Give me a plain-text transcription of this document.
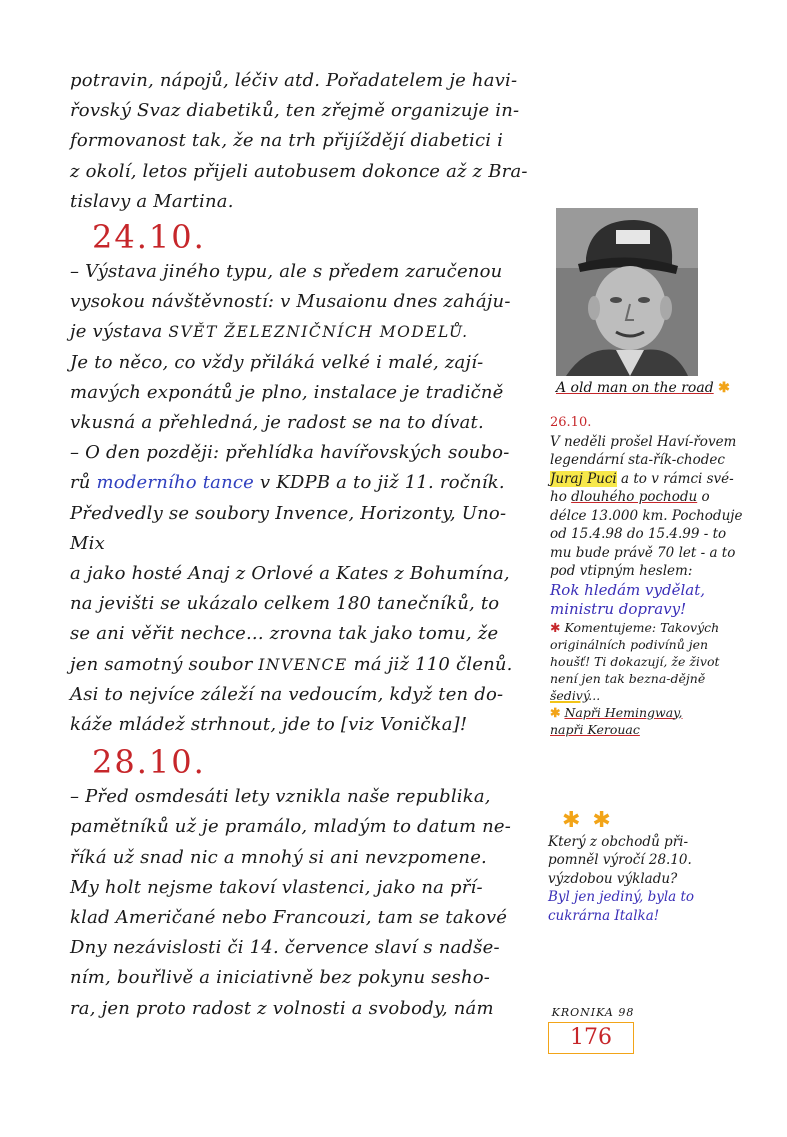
potravin, nápojů, léčiv atd. Pořadatelem je havi-

řovský Svaz diabetiků, ten zřejmě organizuje in-

formovanost tak, že na trh přijíždějí diabetici i

z okolí, letos přijeli autobusem dokonce až z Bra-

tislavy a Martina.

24.10.

– Výstava jiného typu, ale s předem zaručenou

vysokou návštěvností: v Musaionu dnes zaháju-

je výstava SVĚT ŽELEZNIČNÍCH MODELŮ.

Je to něco, co vždy přiláká velké i malé, zají-

mavých exponátů je plno, instalace je tradičně

vkusná a přehledná, je radost se na to dívat.

– O den později: přehlídka havířovských soubo-

rů moderního tance v KDPB a to již 11. ročník.

Předvedly se soubory Invence, Horizonty, Uno-Mix

a jako hosté Anaj z Orlové a Kates z Bohumína,

na jevišti se ukázalo celkem 180 tanečníků, to

se ani věřit nechce... zrovna tak jako tomu, že

jen samotný soubor INVENCE má již 110 členů.

Asi to nejvíce záleží na vedoucím, když ten do-

káže mládež strhnout, jde to [viz Vonička]!

28.10.

– Před osmdesáti lety vznikla naše republika,

pamětníků už je pramálo, mladým to datum ne-

říká už snad nic a mnohý si ani nevzpomene.

My holt nejsme takoví vlastenci, jako na pří-

klad Američané nebo Francouzi, tam se takové

Dny nezávislosti či 14. července slaví s nadše-

ním, bouřlivě a iniciativně bez pokynu sesho-

ra, jen proto radost z volnosti a svobody, nám

A old man on the road ✱

26.10.

V neděli prošel Haví-řovem legendární sta-řík-chodec Juraj Puci a to v rámci své-ho dlouhého pochodu o délce 13.000 km. Pochoduje od 15.4.98 do 15.4.99 - to mu bude právě 70 let - a to pod vtipným heslem:

Rok hledám vydělat, ministru dopravy!

✱ Komentujeme: Takových originálních podivínů jen houšť! Ti dokazují, že život není jen tak bezna-dějně šedivý...

✱ Napři Hemingway,

napři Kerouac

✱✱

Který z obchodů při-pomněl výročí 28.10. výzdobou výkladu?

Byl jen jediný, byla to cukrárna Italka!

KRONIKA 98
176
